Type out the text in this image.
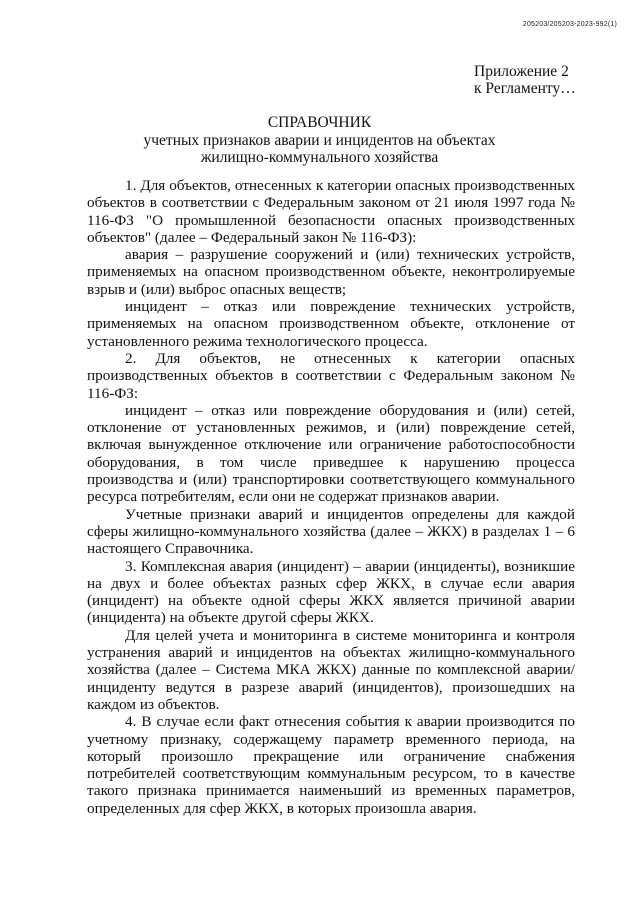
205203/205203-2023-992(1)
Приложение 2
к Регламенту…
СПРАВОЧНИК
учетных признаков аварии и инцидентов на объектах
жилищно-коммунального хозяйства

1. Для объектов, отнесенных к категории опасных производственных объектов в соответствии с Федеральным законом от 21 июля 1997 года № 116-ФЗ "О промышленной безопасности опасных производственных объектов" (далее – Федеральный закон № 116-ФЗ):

авария – разрушение сооружений и (или) технических устройств, применяемых на опасном производственном объекте, неконтролируемые взрыв и (или) выброс опасных веществ;

инцидент – отказ или повреждение технических устройств, применяемых на опасном производственном объекте, отклонение от установленного режима технологического процесса.

2. Для объектов, не отнесенных к категории опасных производственных объектов в соответствии с Федеральным законом № 116-ФЗ:

инцидент – отказ или повреждение оборудования и (или) сетей, отклонение от установленных режимов, и (или) повреждение сетей, включая вынужденное отключение или ограничение работоспособности оборудования, в том числе приведшее к нарушению процесса производства и (или) транспортировки соответствующего коммунального ресурса потребителям, если они не содержат признаков аварии.

Учетные признаки аварий и инцидентов определены для каждой сферы жилищно-коммунального хозяйства (далее – ЖКХ) в разделах 1 – 6 настоящего Справочника.

3. Комплексная авария (инцидент) – аварии (инциденты), возникшие на двух и более объектах разных сфер ЖКХ, в случае если авария (инцидент) на объекте одной сферы ЖКХ является причиной аварии (инцидента) на объекте другой сферы ЖКХ.

Для целей учета и мониторинга в системе мониторинга и контроля устранения аварий и инцидентов на объектах жилищно-коммунального хозяйства (далее – Система МКА ЖКХ) данные по комплексной аварии/инциденту ведутся в разрезе аварий (инцидентов), произошедших на каждом из объектов.

4. В случае если факт отнесения события к аварии производится по учетному признаку, содержащему параметр временного периода, на который произошло прекращение или ограничение снабжения потребителей соответствующим коммунальным ресурсом, то в качестве такого признака принимается наименьший из временных параметров, определенных для сфер ЖКХ, в которых произошла авария.
